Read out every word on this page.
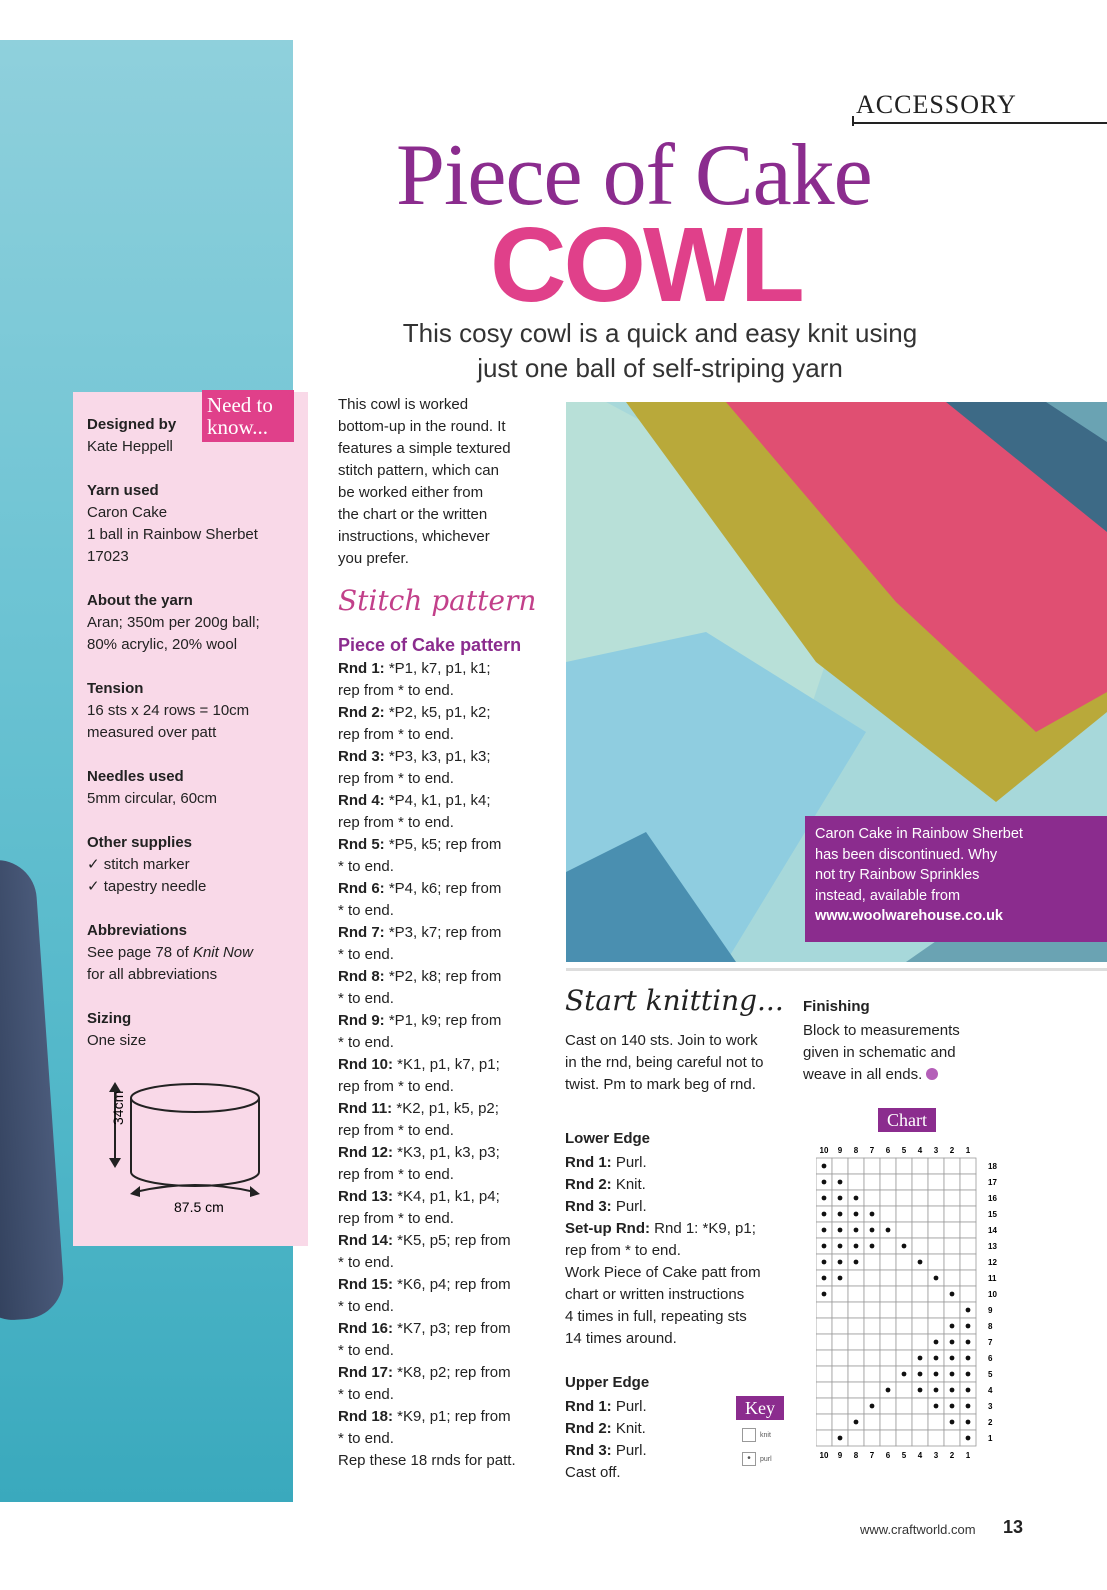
ACCESSORY
Piece of Cake
COWL
This cosy cowl is a quick and easy knit using
just one ball of self-striping yarn
Need to
know...
Designed by
Kate Heppell
Yarn used
Caron Cake
1 ball in Rainbow Sherbet
17023
About the yarn
Aran; 350m per 200g ball;
80% acrylic, 20% wool
Tension
16 sts x 24 rows = 10cm
measured over patt
Needles used
5mm circular, 60cm
Other supplies
✓ stitch marker
✓ tapestry needle
Abbreviations
See page 78 of Knit Now
for all abbreviations
Sizing
One size
34cm
87.5 cm
This cowl is worked
bottom-up in the round. It
features a simple textured
stitch pattern, which can
be worked either from
the chart or the written
instructions, whichever
you prefer.
Stitch pattern
Piece of Cake pattern
Rnd 1: *P1, k7, p1, k1;
rep from * to end.
Rnd 2: *P2, k5, p1, k2;
rep from * to end.
Rnd 3: *P3, k3, p1, k3;
rep from * to end.
Rnd 4: *P4, k1, p1, k4;
rep from * to end.
Rnd 5: *P5, k5; rep from
* to end.
Rnd 6: *P4, k6; rep from
* to end.
Rnd 7: *P3, k7; rep from
* to end.
Rnd 8: *P2, k8; rep from
* to end.
Rnd 9: *P1, k9; rep from
* to end.
Rnd 10: *K1, p1, k7, p1;
rep from * to end.
Rnd 11: *K2, p1, k5, p2;
rep from * to end.
Rnd 12: *K3, p1, k3, p3;
rep from * to end.
Rnd 13: *K4, p1, k1, p4;
rep from * to end.
Rnd 14: *K5, p5; rep from
* to end.
Rnd 15: *K6, p4; rep from
* to end.
Rnd 16: *K7, p3; rep from
* to end.
Rnd 17: *K8, p2; rep from
* to end.
Rnd 18: *K9, p1; rep from
* to end.
Rep these 18 rnds for patt.
Caron Cake in Rainbow Sherbet
has been discontinued. Why
not try Rainbow Sprinkles
instead, available from
www.woolwarehouse.co.uk
Start knitting...
Cast on 140 sts. Join to work
in the rnd, being careful not to
twist. Pm to mark beg of rnd.
Lower Edge
Rnd 1: Purl.
Rnd 2: Knit.
Rnd 3: Purl.
Set-up Rnd: Rnd 1: *K9, p1;
rep from * to end.
Work Piece of Cake patt from
chart or written instructions
4 times in full, repeating sts
14 times around.
Upper Edge
Rnd 1: Purl.
Rnd 2: Knit.
Rnd 3: Purl.
Cast off.
Finishing
Block to measurements
given in schematic and
weave in all ends.
Chart
10
10
9
9
8
8
7
7
6
6
5
5
4
4
3
3
2
2
1
1
18
17
16
15
14
13
12
11
10
9
8
7
6
5
4
3
2
1
Key
knit
• purl
www.craftworld.com 13
